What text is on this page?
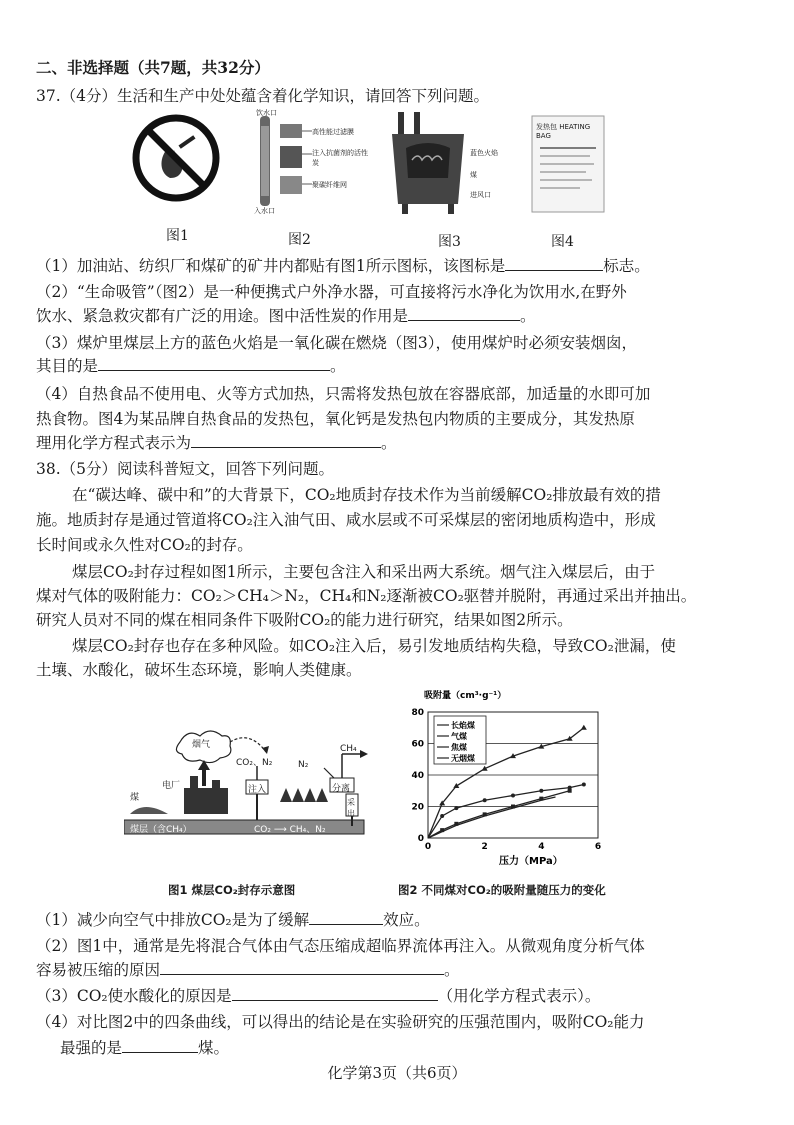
二、非选择题（共7题，共32分）
37.（4分）生活和生产中处处蕴含着化学知识，请回答下列问题。
饮水口
高性能过滤膜
注入抗菌剂的活性炭
聚碳纤维网
入水口
蓝色火焰
煤
进风口
发热包 HEATING BAG
图1	图2	图3	图4
（1）加油站、纺织厂和煤矿的矿井内都贴有图1所示图标，该图标是	标志。
（2）“生命吸管”（图2）是一种便携式户外净水器，可直接将污水净化为饮用水,在野外
饮水、紧急救灾都有广泛的用途。图中活性炭的作用是	。
（3）煤炉里煤层上方的蓝色火焰是一氧化碳在燃烧（图3），使用煤炉时必须安装烟囱，
其目的是	。
（4）自热食品不使用电、火等方式加热，只需将发热包放在容器底部，加适量的水即可加
热食物。图4为某品牌自热食品的发热包，氧化钙是发热包内物质的主要成分，其发热原
理用化学方程式表示为	。
38.（5分）阅读科普短文，回答下列问题。
在“碳达峰、碳中和”的大背景下，CO₂地质封存技术作为当前缓解CO₂排放最有效的措
施。地质封存是通过管道将CO₂注入油气田、咸水层或不可采煤层的密闭地质构造中，形成
长时间或永久性对CO₂的封存。
煤层CO₂封存过程如图1所示，主要包含注入和采出两大系统。烟气注入煤层后，由于
煤对气体的吸附能力：CO₂＞CH₄＞N₂，CH₄和N₂逐渐被CO₂驱替并脱附，再通过采出并抽出。
研究人员对不同的煤在相同条件下吸附CO₂的能力进行研究，结果如图2所示。
煤层CO₂封存也存在多种风险。如CO₂注入后，易引发地质结构失稳，导致CO₂泄漏，使
土壤、水酸化，破坏生态环境，影响人类健康。
烟气
CO₂、N₂
CH₄
N₂
电厂
煤
注入	分离
采出
煤层（含CH₄）	CO₂ ⟶ CH₄、N₂
0
20
40
60
80
0	2	4	6
吸附量（cm³·g⁻¹）
压力（MPa）
长焰煤
气煤
焦煤
无烟煤
图1 煤层CO₂封存示意图	图2 不同煤对CO₂的吸附量随压力的变化
（1）减少向空气中排放CO₂是为了缓解	效应。
（2）图1中，通常是先将混合气体由气态压缩成超临界流体再注入。从微观角度分析气体
容易被压缩的原因	。
（3）CO₂使水酸化的原因是	（用化学方程式表示）。
（4）对比图2中的四条曲线，可以得出的结论是在实验研究的压强范围内，吸附CO₂能力
最强的是	煤。
化学第3页（共6页）
